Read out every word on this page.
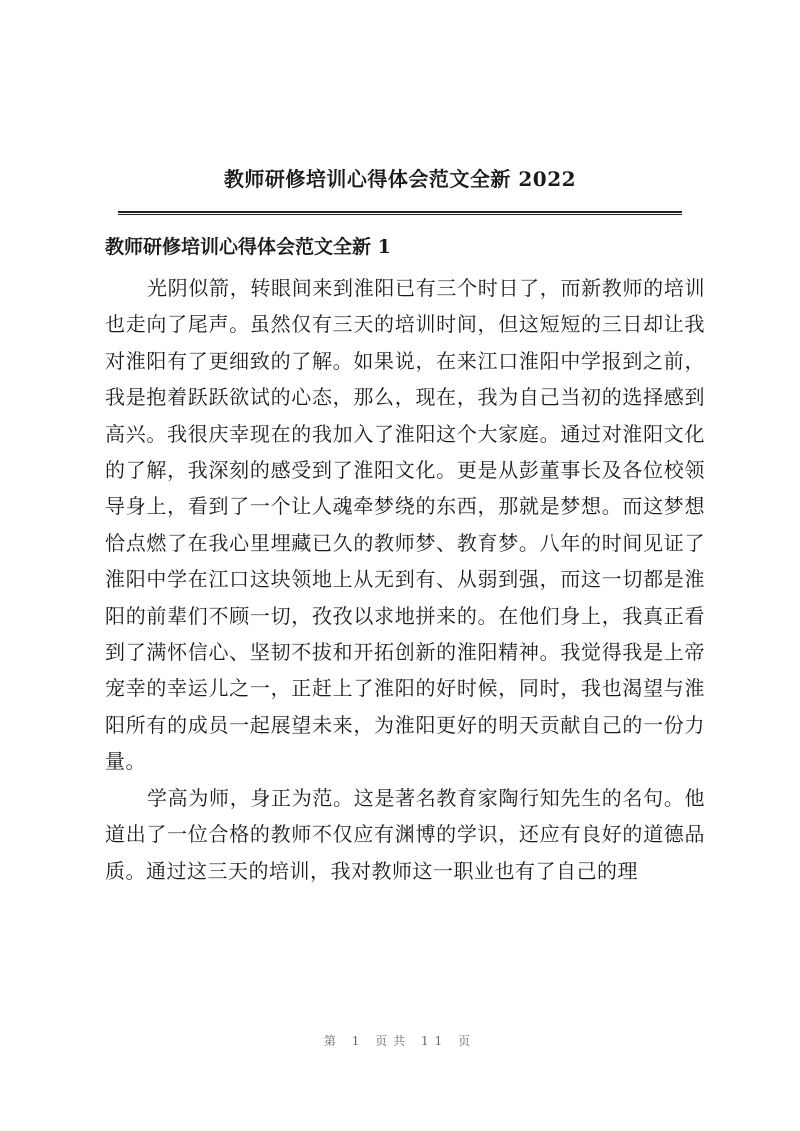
教师研修培训心得体会范文全新 2022
教师研修培训心得体会范文全新 1

光阴似箭，转眼间来到淮阳已有三个时日了，而新教师的培训也走向了尾声。虽然仅有三天的培训时间，但这短短的三日却让我对淮阳有了更细致的了解。如果说，在来江口淮阳中学报到之前，我是抱着跃跃欲试的心态，那么，现在，我为自己当初的选择感到高兴。我很庆幸现在的我加入了淮阳这个大家庭。通过对淮阳文化的了解，我深刻的感受到了淮阳文化。更是从彭董事长及各位校领导身上，看到了一个让人魂牵梦绕的东西，那就是梦想。而这梦想恰点燃了在我心里埋藏已久的教师梦、教育梦。八年的时间见证了淮阳中学在江口这块领地上从无到有、从弱到强，而这一切都是淮阳的前辈们不顾一切，孜孜以求地拼来的。在他们身上，我真正看到了满怀信心、坚韧不拔和开拓创新的淮阳精神。我觉得我是上帝宠幸的幸运儿之一，正赶上了淮阳的好时候，同时，我也渴望与淮阳所有的成员一起展望未来，为淮阳更好的明天贡献自己的一份力量。

学高为师，身正为范。这是著名教育家陶行知先生的名句。他道出了一位合格的教师不仅应有渊博的学识，还应有良好的道德品质。通过这三天的培训，我对教师这一职业也有了自己的理

第 1 页共 11 页
